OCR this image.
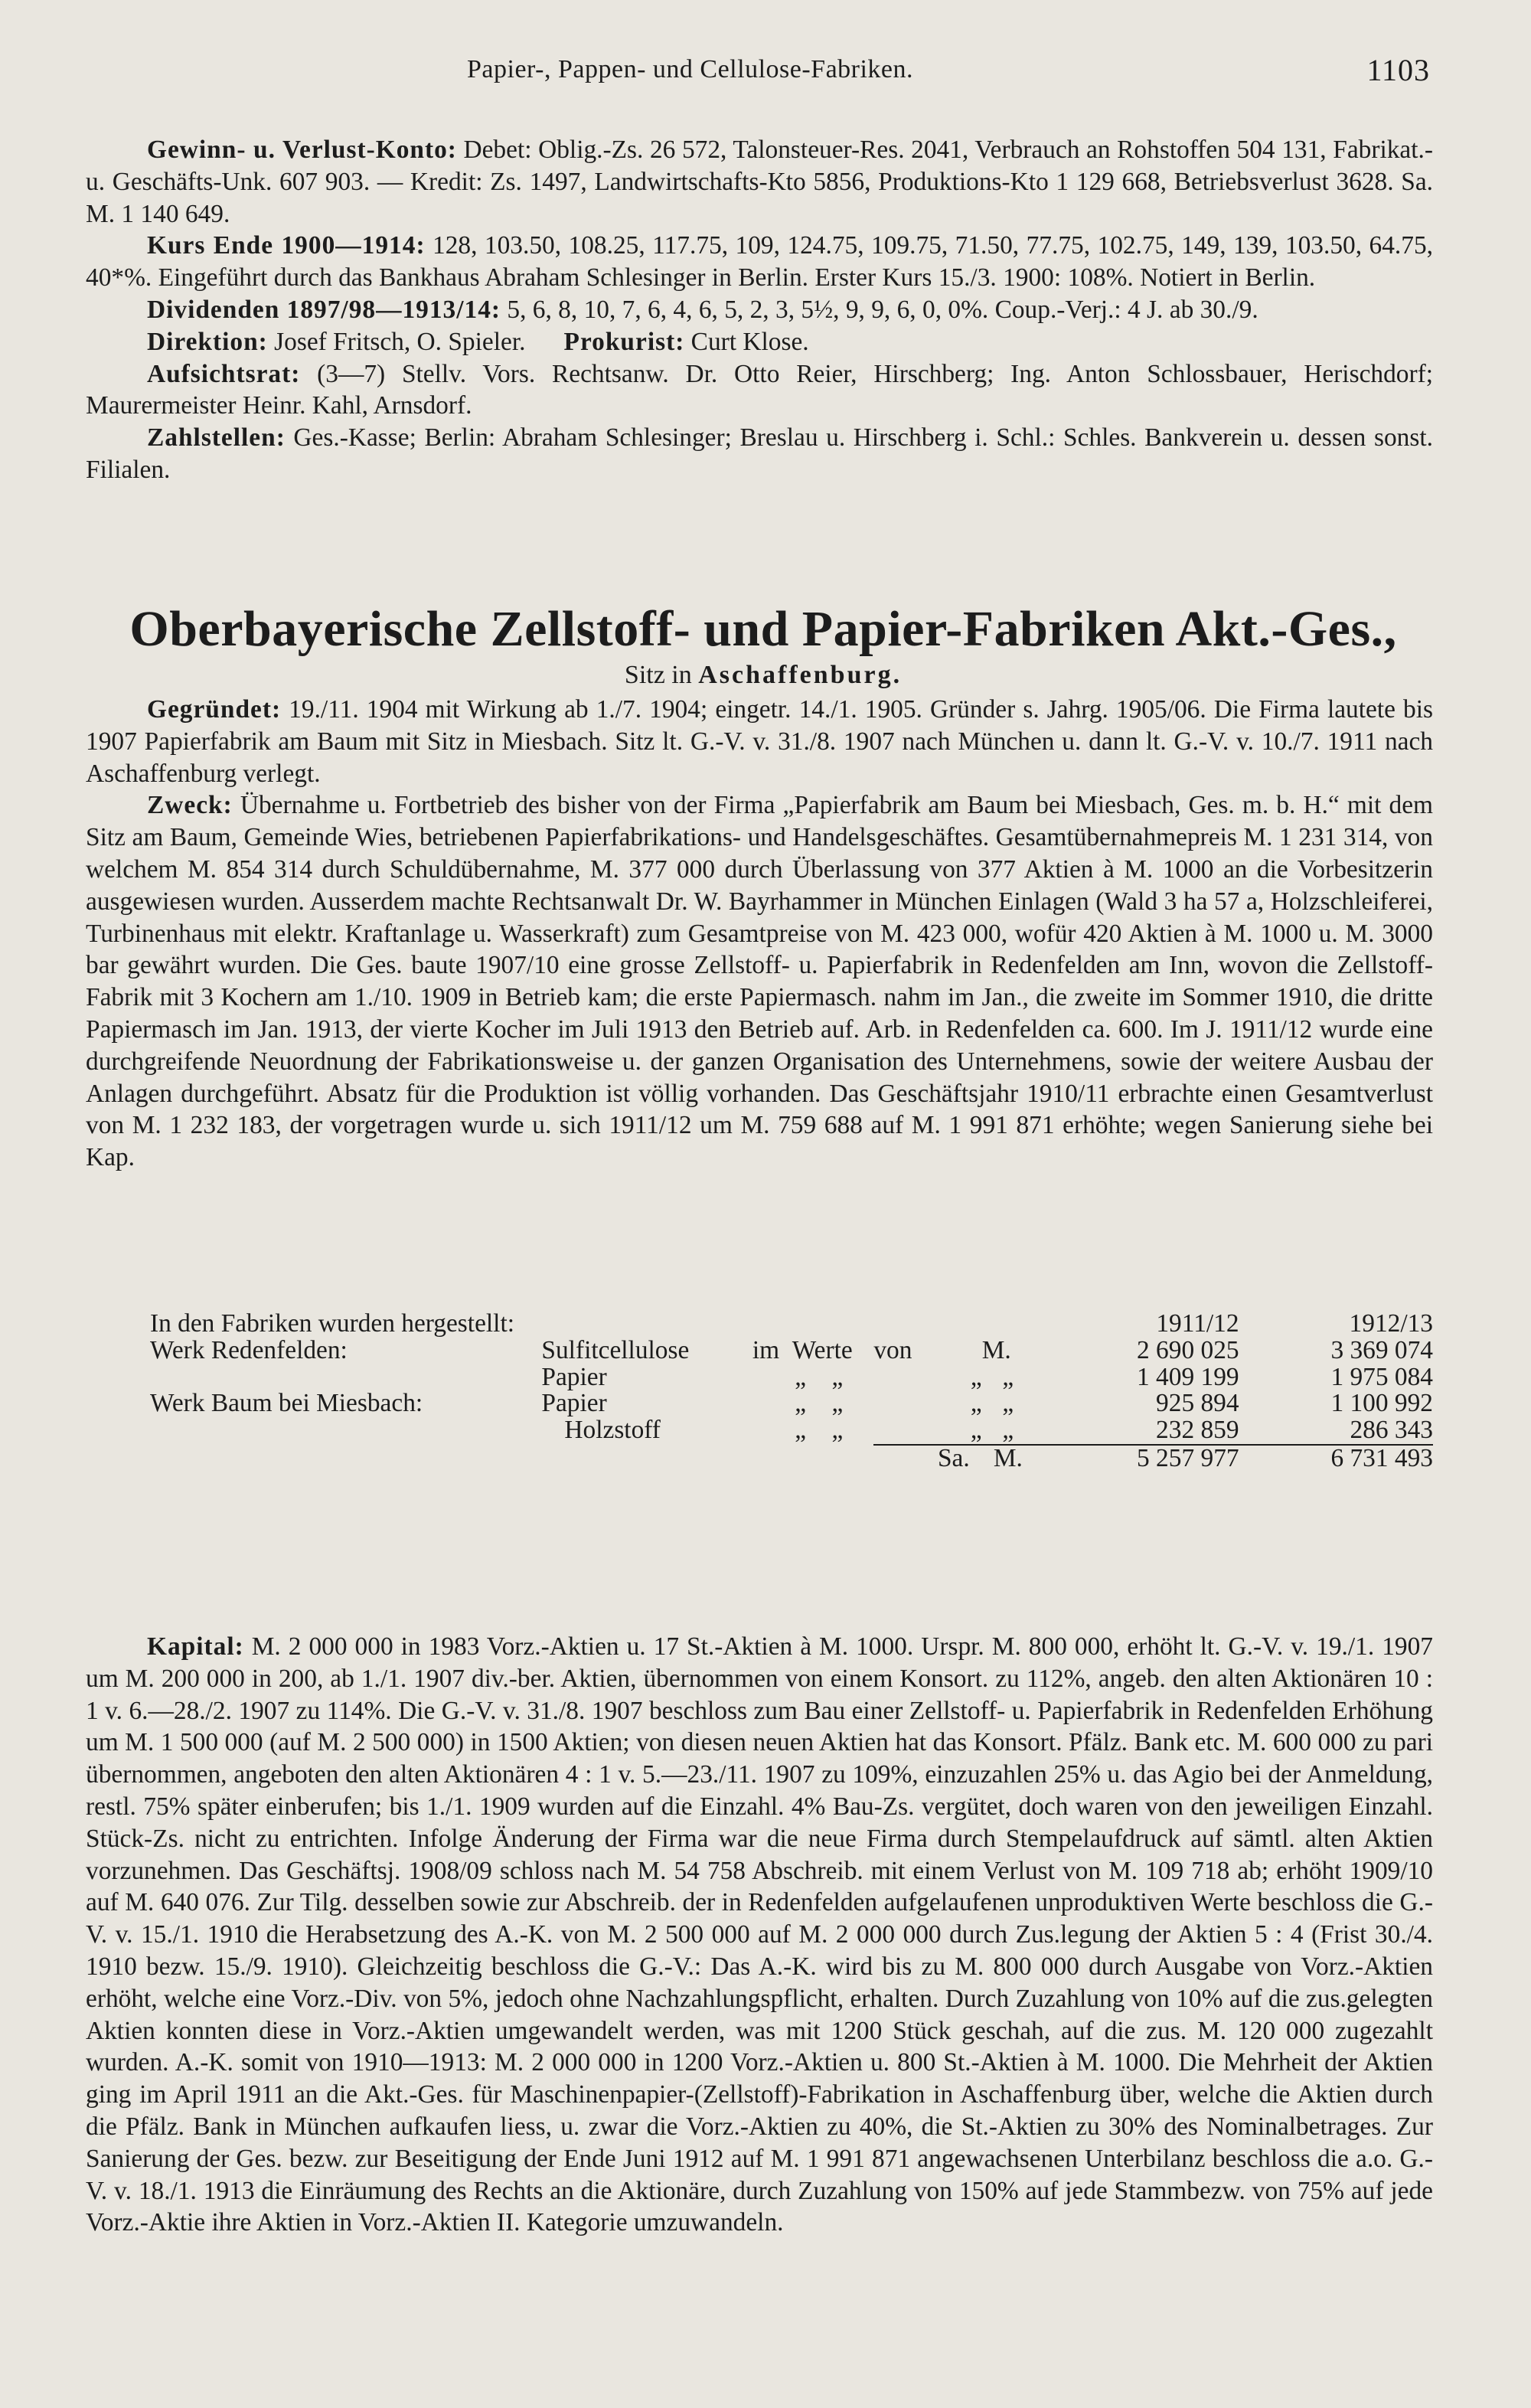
Papier-, Pappen- und Cellulose-Fabriken.	1103

Gewinn- u. Verlust-Konto: Debet: Oblig.-Zs. 26 572, Talonsteuer-Res. 2041, Verbrauch an Rohstoffen 504 131, Fabrikat.- u. Geschäfts-Unk. 607 903. — Kredit: Zs. 1497, Landwirtschafts-Kto 5856, Produktions-Kto 1 129 668, Betriebsverlust 3628. Sa. M. 1 140 649.

Kurs Ende 1900—1914: 128, 103.50, 108.25, 117.75, 109, 124.75, 109.75, 71.50, 77.75, 102.75, 149, 139, 103.50, 64.75, 40*%. Eingeführt durch das Bankhaus Abraham Schlesinger in Berlin. Erster Kurs 15./3. 1900: 108%. Notiert in Berlin.

Dividenden 1897/98—1913/14: 5, 6, 8, 10, 7, 6, 4, 6, 5, 2, 3, 5½, 9, 9, 6, 0, 0%. Coup.-Verj.: 4 J. ab 30./9.

Direktion: Josef Fritsch, O. Spieler. Prokurist: Curt Klose.

Aufsichtsrat: (3—7) Stellv. Vors. Rechtsanw. Dr. Otto Reier, Hirschberg; Ing. Anton Schlossbauer, Herischdorf; Maurermeister Heinr. Kahl, Arnsdorf.

Zahlstellen: Ges.-Kasse; Berlin: Abraham Schlesinger; Breslau u. Hirschberg i. Schl.: Schles. Bankverein u. dessen sonst. Filialen.

Oberbayerische Zellstoff- und Papier-Fabriken Akt.-Ges.,
Sitz in Aschaffenburg.

Gegründet: 19./11. 1904 mit Wirkung ab 1./7. 1904; eingetr. 14./1. 1905. Gründer s. Jahrg. 1905/06. Die Firma lautete bis 1907 Papierfabrik am Baum mit Sitz in Miesbach. Sitz lt. G.-V. v. 31./8. 1907 nach München u. dann lt. G.-V. v. 10./7. 1911 nach Aschaffenburg verlegt.

Zweck: Übernahme u. Fortbetrieb des bisher von der Firma „Papierfabrik am Baum bei Miesbach, Ges. m. b. H.“ mit dem Sitz am Baum, Gemeinde Wies, betriebenen Papierfabrikations- und Handelsgeschäftes. Gesamtübernahmepreis M. 1 231 314, von welchem M. 854 314 durch Schuldübernahme, M. 377 000 durch Überlassung von 377 Aktien à M. 1000 an die Vorbesitzerin ausgewiesen wurden. Ausserdem machte Rechtsanwalt Dr. W. Bayrhammer in München Einlagen (Wald 3 ha 57 a, Holzschleiferei, Turbinenhaus mit elektr. Kraftanlage u. Wasserkraft) zum Gesamtpreise von M. 423 000, wofür 420 Aktien à M. 1000 u. M. 3000 bar gewährt wurden. Die Ges. baute 1907/10 eine grosse Zellstoff- u. Papierfabrik in Redenfelden am Inn, wovon die Zellstoff-Fabrik mit 3 Kochern am 1./10. 1909 in Betrieb kam; die erste Papiermasch. nahm im Jan., die zweite im Sommer 1910, die dritte Papiermasch im Jan. 1913, der vierte Kocher im Juli 1913 den Betrieb auf. Arb. in Redenfelden ca. 600. Im J. 1911/12 wurde eine durchgreifende Neuordnung der Fabrikationsweise u. der ganzen Organisation des Unternehmens, sowie der weitere Ausbau der Anlagen durchgeführt. Absatz für die Produktion ist völlig vorhanden. Das Geschäftsjahr 1910/11 erbrachte einen Gesamtverlust von M. 1 232 183, der vorgetragen wurde u. sich 1911/12 um M. 759 688 auf M. 1 991 871 erhöhte; wegen Sanierung siehe bei Kap.

In den Fabriken wurden hergestellt:						1911/12	1912/13
Werk Redenfelden:	Sulfitcellulose	im Werte	von	M.		2 690 025	3 369 074
	Papier	„ „	„	„		1 409 199	1 975 084
Werk Baum bei Miesbach:	Papier	„ „	„	„		925 894	1 100 992
	Holzstoff	„ „	„	„		232 859	286 343
			Sa.	M.		5 257 977	6 731 493

Kapital: M. 2 000 000 in 1983 Vorz.-Aktien u. 17 St.-Aktien à M. 1000. Urspr. M. 800 000, erhöht lt. G.-V. v. 19./1. 1907 um M. 200 000 in 200, ab 1./1. 1907 div.-ber. Aktien, übernommen von einem Konsort. zu 112%, angeb. den alten Aktionären 10 : 1 v. 6.—28./2. 1907 zu 114%. Die G.-V. v. 31./8. 1907 beschloss zum Bau einer Zellstoff- u. Papierfabrik in Redenfelden Erhöhung um M. 1 500 000 (auf M. 2 500 000) in 1500 Aktien; von diesen neuen Aktien hat das Konsort. Pfälz. Bank etc. M. 600 000 zu pari übernommen, angeboten den alten Aktionären 4 : 1 v. 5.—23./11. 1907 zu 109%, einzuzahlen 25% u. das Agio bei der Anmeldung, restl. 75% später einberufen; bis 1./1. 1909 wurden auf die Einzahl. 4% Bau-Zs. vergütet, doch waren von den jeweiligen Einzahl. Stück-Zs. nicht zu entrichten. Infolge Änderung der Firma war die neue Firma durch Stempelaufdruck auf sämtl. alten Aktien vorzunehmen. Das Geschäftsj. 1908/09 schloss nach M. 54 758 Abschreib. mit einem Verlust von M. 109 718 ab; erhöht 1909/10 auf M. 640 076. Zur Tilg. desselben sowie zur Abschreib. der in Redenfelden aufgelaufenen unproduktiven Werte beschloss die G.-V. v. 15./1. 1910 die Herabsetzung des A.-K. von M. 2 500 000 auf M. 2 000 000 durch Zus.legung der Aktien 5 : 4 (Frist 30./4. 1910 bezw. 15./9. 1910). Gleichzeitig beschloss die G.-V.: Das A.-K. wird bis zu M. 800 000 durch Ausgabe von Vorz.-Aktien erhöht, welche eine Vorz.-Div. von 5%, jedoch ohne Nachzahlungspflicht, erhalten. Durch Zuzahlung von 10% auf die zus.gelegten Aktien konnten diese in Vorz.-Aktien umgewandelt werden, was mit 1200 Stück geschah, auf die zus. M. 120 000 zugezahlt wurden. A.-K. somit von 1910—1913: M. 2 000 000 in 1200 Vorz.-Aktien u. 800 St.-Aktien à M. 1000. Die Mehrheit der Aktien ging im April 1911 an die Akt.-Ges. für Maschinenpapier-(Zellstoff)-Fabrikation in Aschaffenburg über, welche die Aktien durch die Pfälz. Bank in München aufkaufen liess, u. zwar die Vorz.-Aktien zu 40%, die St.-Aktien zu 30% des Nominalbetrages. Zur Sanierung der Ges. bezw. zur Beseitigung der Ende Juni 1912 auf M. 1 991 871 angewachsenen Unterbilanz beschloss die a.o. G.-V. v. 18./1. 1913 die Einräumung des Rechts an die Aktionäre, durch Zuzahlung von 150% auf jede Stammbezw. von 75% auf jede Vorz.-Aktie ihre Aktien in Vorz.-Aktien II. Kategorie umzuwandeln.
